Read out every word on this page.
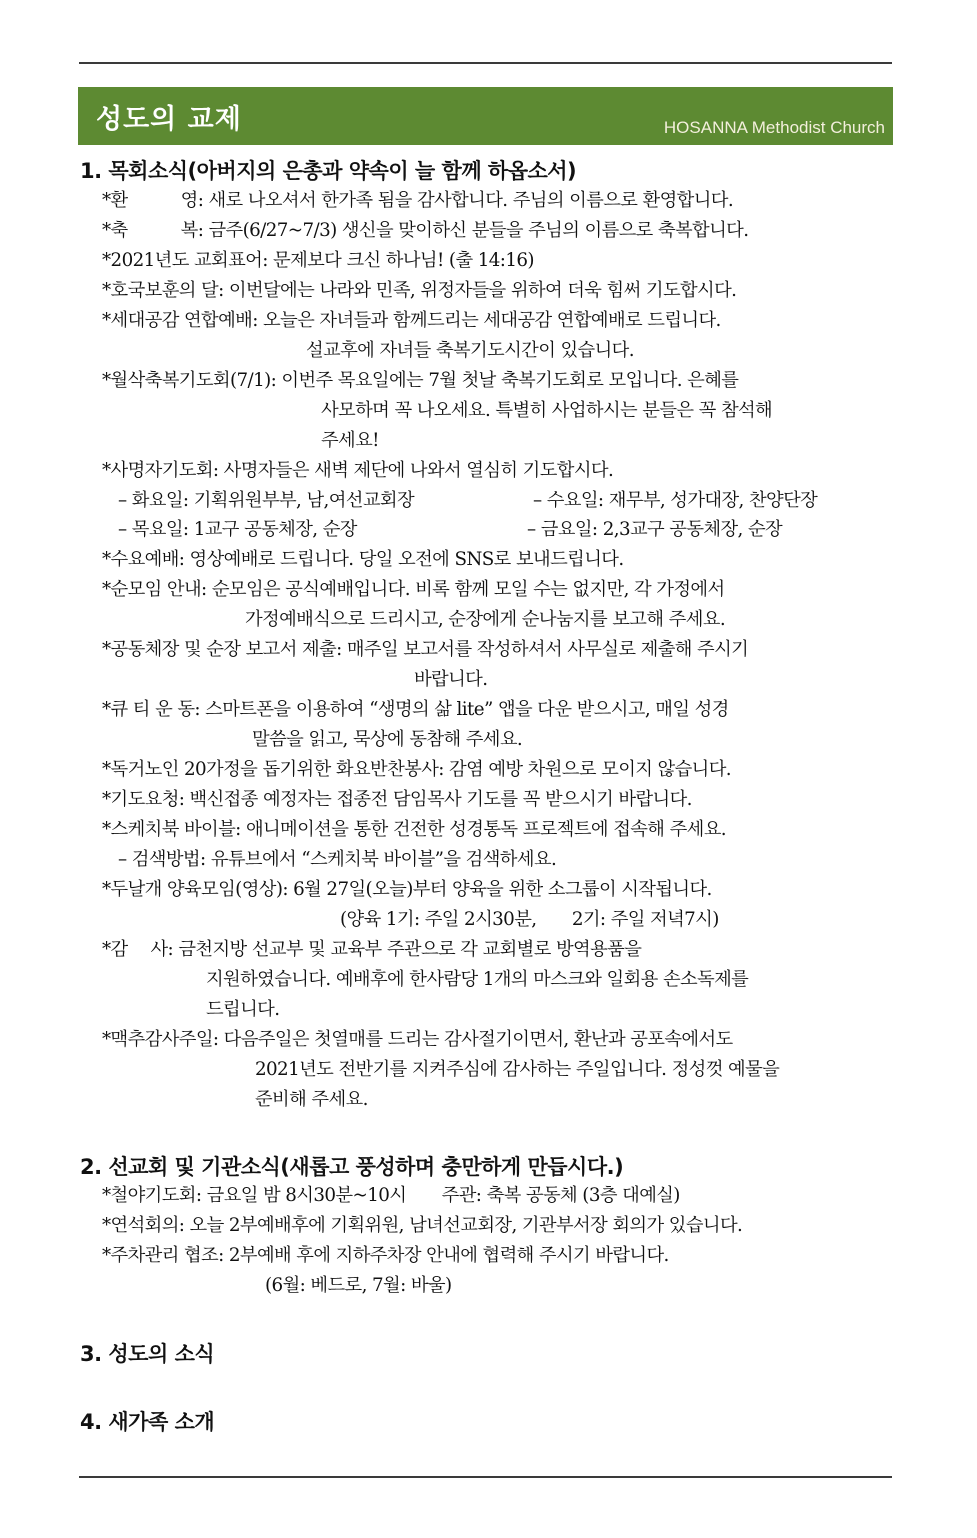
성도의 교제	HOSANNA Methodist Church
1. 목회소식(아버지의 은총과 약속이 늘 함께 하옵소서)
*환　　　영: 새로 나오셔서 한가족 됨을 감사합니다. 주님의 이름으로 환영합니다.
*축　　　복: 금주(6/27~7/3) 생신을 맞이하신 분들을 주님의 이름으로 축복합니다.
*2021년도 교회표어: 문제보다 크신 하나님! (출 14:16)
*호국보훈의 달: 이번달에는 나라와 민족, 위정자들을 위하여 더욱 힘써 기도합시다.
*세대공감 연합예배: 오늘은 자녀들과 함께드리는 세대공감 연합예배로 드립니다.
설교후에 자녀들 축복기도시간이 있습니다.
*월삭축복기도회(7/1): 이번주 목요일에는 7월 첫날 축복기도회로 모입니다. 은혜를
사모하며 꼭 나오세요. 특별히 사업하시는 분들은 꼭 참석해
주세요!
*사명자기도회: 사명자들은 새벽 제단에 나와서 열심히 기도합시다.
– 화요일: 기획위원부부, 남,여선교회장	– 수요일: 재무부, 성가대장, 찬양단장
– 목요일: 1교구 공동체장, 순장	– 금요일: 2,3교구 공동체장, 순장
*수요예배: 영상예배로 드립니다. 당일 오전에 SNS로 보내드립니다.
*순모임 안내: 순모임은 공식예배입니다. 비록 함께 모일 수는 없지만, 각 가정에서
가정예배식으로 드리시고, 순장에게 순나눔지를 보고해 주세요.
*공동체장 및 순장 보고서 제출: 매주일 보고서를 작성하셔서 사무실로 제출해 주시기
바랍니다.
*큐 티 운 동: 스마트폰을 이용하여 “생명의 삶 lite” 앱을 다운 받으시고, 매일 성경
말씀을 읽고, 묵상에 동참해 주세요.
*독거노인 20가정을 돕기위한 화요반찬봉사: 감염 예방 차원으로 모이지 않습니다.
*기도요청: 백신접종 예정자는 접종전 담임목사 기도를 꼭 받으시기 바랍니다.
*스케치북 바이블: 애니메이션을 통한 건전한 성경통독 프로젝트에 접속해 주세요.
– 검색방법: 유튜브에서 “스케치북 바이블”을 검색하세요.
*두날개 양육모임(영상): 6월 27일(오늘)부터 양육을 위한 소그룹이 시작됩니다.
(양육 1기: 주일 2시30분,　　2기: 주일 저녁7시)
*감　 사: 금천지방 선교부 및 교육부 주관으로 각 교회별로 방역용품을
지원하였습니다. 예배후에 한사람당 1개의 마스크와 일회용 손소독제를
드립니다.
*맥추감사주일: 다음주일은 첫열매를 드리는 감사절기이면서, 환난과 공포속에서도
2021년도 전반기를 지켜주심에 감사하는 주일입니다. 정성껏 예물을
준비해 주세요.
2. 선교회 및 기관소식(새롭고 풍성하며 충만하게 만듭시다.)
*철야기도회: 금요일 밤 8시30분~10시　　주관: 축복 공동체 (3층 대예실)
*연석회의: 오늘 2부예배후에 기획위원, 남녀선교회장, 기관부서장 회의가 있습니다.
*주차관리 협조: 2부예배 후에 지하주차장 안내에 협력해 주시기 바랍니다.
(6월: 베드로, 7월: 바울)
3. 성도의 소식
4. 새가족 소개
